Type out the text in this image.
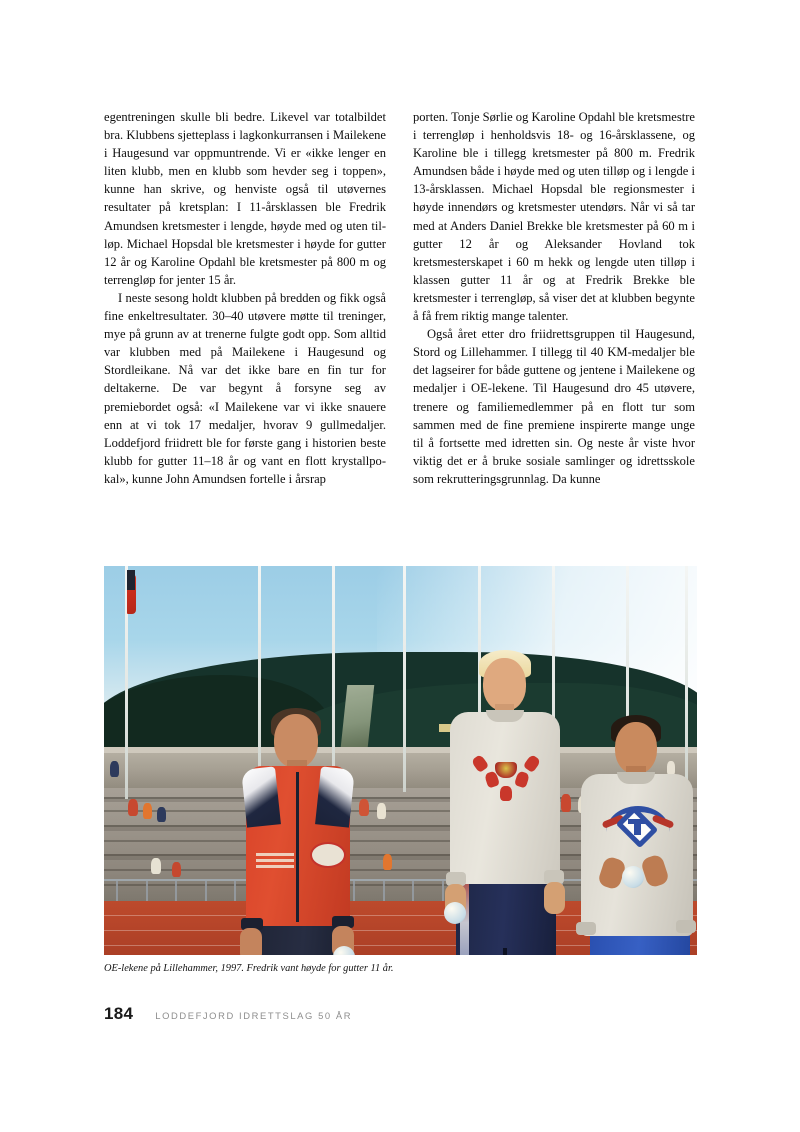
egentreningen skulle bli bedre. Likevel var totalbildet bra. Klubbens sjetteplass i lagkonkurransen i Mailekene i Haugesund var oppmuntrende. Vi er «ikke lenger en liten klubb, men en klubb som hevder seg i toppen», kunne han skrive, og henviste også til utøvernes resultater på kretsplan: I 11-årsklassen ble Fredrik Amundsen kretsmester i lengde, høyde med og uten tilløp. Michael Hopsdal ble kretsmester i høyde for gutter 12 år og Karoline Opdahl ble kretsmester på 800 m og terrengløp for jenter 15 år.

I neste sesong holdt klubben på bredden og fikk også fine enkeltresultater. 30–40 utøvere møtte til treninger, mye på grunn av at trenerne fulgte godt opp. Som alltid var klubben med på Mailekene i Haugesund og Stordleikane. Nå var det ikke bare en fin tur for deltakerne. De var begynt å forsyne seg av premiebordet også: «I Mailekene var vi ikke snauere enn at vi tok 17 medaljer, hvorav 9 gullmedaljer. Loddefjord friidrett ble for første gang i historien beste klubb for gutter 11–18 år og vant en flott krystallpokal», kunne John Amundsen fortelle i årsrap

porten. Tonje Sørlie og Karoline Opdahl ble kretsmestre i terrengløp i henholdsvis 18- og 16-årsklassene, og Karoline ble i tillegg kretsmester på 800 m. Fredrik Amundsen både i høyde med og uten tilløp og i lengde i 13-årsklassen. Michael Hopsdal ble regionsmester i høyde innendørs og kretsmester utendørs. Når vi så tar med at Anders Daniel Brekke ble kretsmester på 60 m i gutter 12 år og Aleksander Hovland tok kretsmesterskapet i 60 m hekk og lengde uten tilløp i klassen gutter 11 år og at Fredrik Brekke ble kretsmester i terrengløp, så viser det at klubben begynte å få frem riktig mange talenter.

Også året etter dro friidrettsgruppen til Haugesund, Stord og Lillehammer. I tillegg til 40 KM-medaljer ble det lagseirer for både guttene og jentene i Mailekene og medaljer i OE-lekene. Til Haugesund dro 45 utøvere, trenere og familiemedlemmer på en flott tur som sammen med de fine premiene inspirerte mange unge til å fortsette med idretten sin. Og neste år viste hvor viktig det er å bruke sosiale samlinger og idrettsskole som rekrutteringsgrunnlag. Da kunne

OE-lekene på Lillehammer, 1997. Fredrik vant høyde for gutter 11 år.
184 LODDEFJORD IDRETTSLAG 50 ÅR
